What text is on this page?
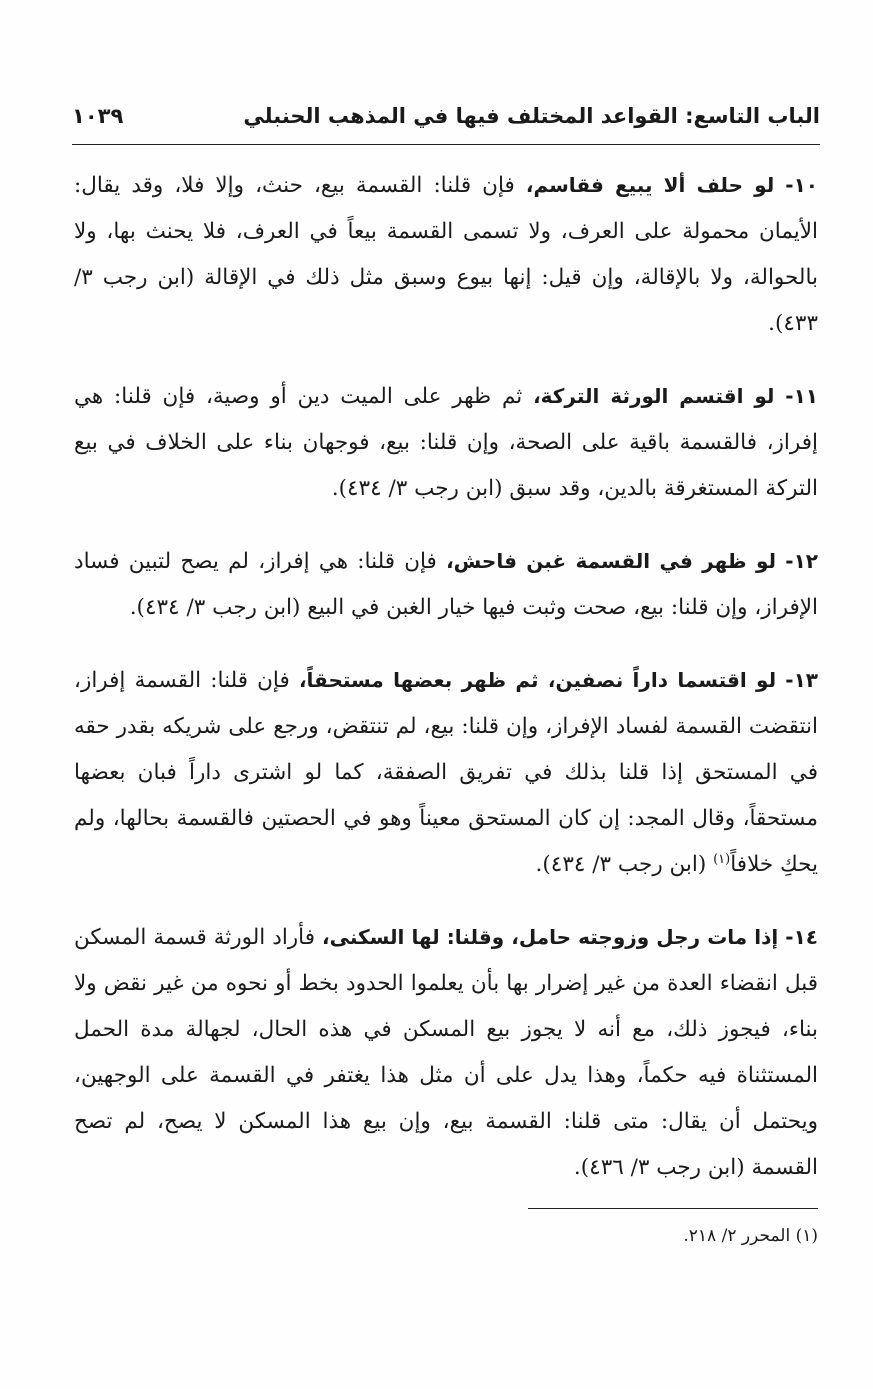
الباب التاسع: القواعد المختلف فيها في المذهب الحنبلي
١٠٣٩

١٠- لو حلف ألا يبيع فقاسم، فإن قلنا: القسمة بيع، حنث، وإلا فلا، وقد يقال: الأيمان محمولة على العرف، ولا تسمى القسمة بيعاً في العرف، فلا يحنث بها، ولا بالحوالة، ولا بالإقالة، وإن قيل: إنها بيوع وسبق مثل ذلك في الإقالة (ابن رجب ٣/ ٤٣٣).

١١- لو اقتسم الورثة التركة، ثم ظهر على الميت دين أو وصية، فإن قلنا: هي إفراز، فالقسمة باقية على الصحة، وإن قلنا: بيع، فوجهان بناء على الخلاف في بيع التركة المستغرقة بالدين، وقد سبق (ابن رجب ٣/ ٤٣٤).

١٢- لو ظهر في القسمة غبن فاحش، فإن قلنا: هي إفراز، لم يصح لتبين فساد الإفراز، وإن قلنا: بيع، صحت وثبت فيها خيار الغبن في البيع (ابن رجب ٣/ ٤٣٤).

١٣- لو اقتسما داراً نصفين، ثم ظهر بعضها مستحقاً، فإن قلنا: القسمة إفراز، انتقضت القسمة لفساد الإفراز، وإن قلنا: بيع، لم تنتقض، ورجع على شريكه بقدر حقه في المستحق إذا قلنا بذلك في تفريق الصفقة، كما لو اشترى داراً فبان بعضها مستحقاً، وقال المجد: إن كان المستحق معيناً وهو في الحصتين فالقسمة بحالها، ولم يحكِ خلافاً$^{(١)}$ (ابن رجب ٣/ ٤٣٤).

١٤- إذا مات رجل وزوجته حامل، وقلنا: لها السكنى، فأراد الورثة قسمة المسكن قبل انقضاء العدة من غير إضرار بها بأن يعلموا الحدود بخط أو نحوه من غير نقض ولا بناء، فيجوز ذلك، مع أنه لا يجوز بيع المسكن في هذه الحال، لجهالة مدة الحمل المستثناة فيه حكماً، وهذا يدل على أن مثل هذا يغتفر في القسمة على الوجهين، ويحتمل أن يقال: متى قلنا: القسمة بيع، وإن بيع هذا المسكن لا يصح، لم تصح القسمة (ابن رجب ٣/ ٤٣٦).

(١) المحرر ٢/ ٢١٨.
